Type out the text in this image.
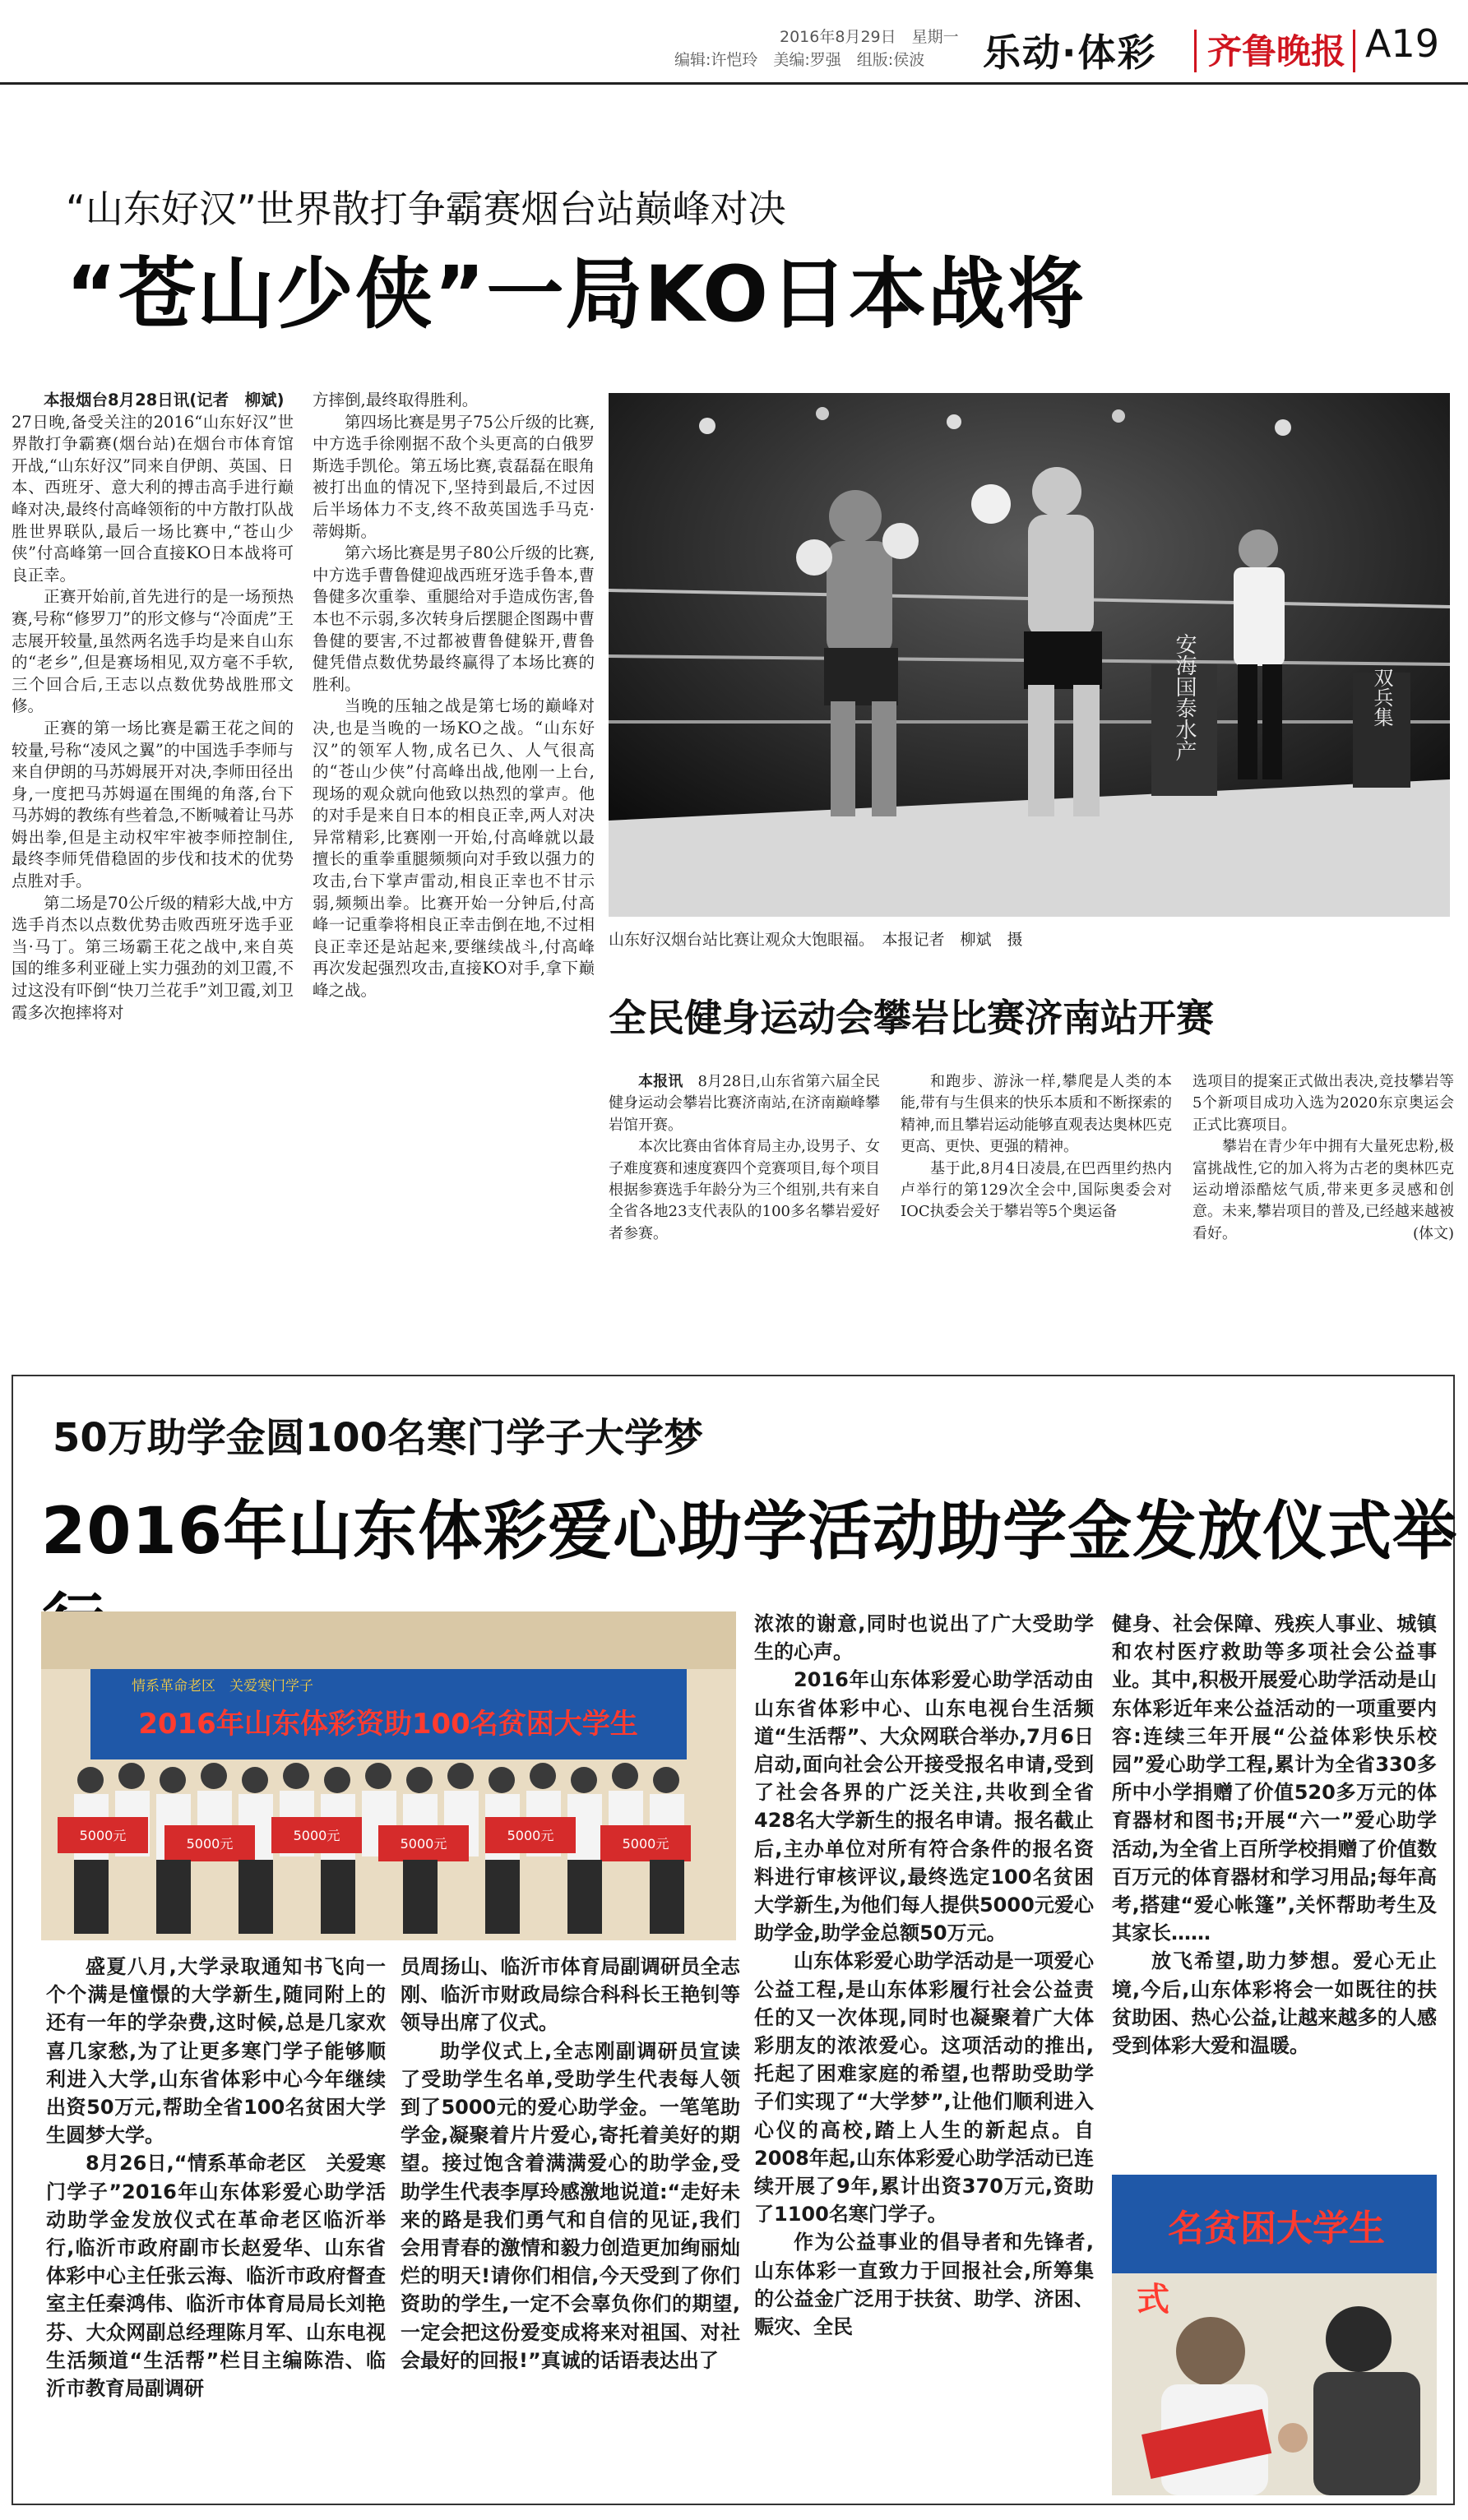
2016年8月29日　星期一
编辑:许恺玲　美编:罗强　组版:侯波 乐动·体彩 齐鲁晚报 A19
“山东好汉”世界散打争霸赛烟台站巅峰对决
“苍山少侠”一局KO日本战将

本报烟台8月28日讯(记者　柳斌)

27日晚,备受关注的2016“山东好汉”世界散打争霸赛(烟台站)在烟台市体育馆开战,“山东好汉”同来自伊朗、英国、日本、西班牙、意大利的搏击高手进行巅峰对决,最终付高峰领衔的中方散打队战胜世界联队,最后一场比赛中,“苍山少侠”付高峰第一回合直接KO日本战将可良正幸。

正赛开始前,首先进行的是一场预热赛,号称“修罗刀”的形文修与“冷面虎”王志展开较量,虽然两名选手均是来自山东的“老乡”,但是赛场相见,双方毫不手软,三个回合后,王志以点数优势战胜邢文修。

正赛的第一场比赛是霸王花之间的较量,号称“凌风之翼”的中国选手李师与来自伊朗的马苏姆展开对决,李师田径出身,一度把马苏姆逼在围绳的角落,台下马苏姆的教练有些着急,不断喊着让马苏姆出拳,但是主动权牢牢被李师控制住,最终李师凭借稳固的步伐和技术的优势点胜对手。

第二场是70公斤级的精彩大战,中方选手肖杰以点数优势击败西班牙选手亚当·马丁。第三场霸王花之战中,来自英国的维多利亚碰上实力强劲的刘卫霞,不过这没有吓倒“快刀兰花手”刘卫霞,刘卫霞多次抱摔将对

方摔倒,最终取得胜利。

第四场比赛是男子75公斤级的比赛,中方选手徐刚据不敌个头更高的白俄罗斯选手凯伦。第五场比赛,袁磊磊在眼角被打出血的情况下,坚持到最后,不过因后半场体力不支,终不敌英国选手马克·蒂姆斯。

第六场比赛是男子80公斤级的比赛,中方选手曹鲁健迎战西班牙选手鲁本,曹鲁健多次重拳、重腿给对手造成伤害,鲁本也不示弱,多次转身后摆腿企图踢中曹鲁健的要害,不过都被曹鲁健躲开,曹鲁健凭借点数优势最终赢得了本场比赛的胜利。

当晚的压轴之战是第七场的巅峰对决,也是当晚的一场KO之战。“山东好汉”的领军人物,成名已久、人气很高的“苍山少侠”付高峰出战,他刚一上台,现场的观众就向他致以热烈的掌声。他的对手是来自日本的相良正幸,两人对决异常精彩,比赛刚一开始,付高峰就以最擅长的重拳重腿频频向对手致以强力的攻击,台下掌声雷动,相良正幸也不甘示弱,频频出拳。比赛开始一分钟后,付高峰一记重拳将相良正幸击倒在地,不过相良正幸还是站起来,要继续战斗,付高峰再次发起强烈攻击,直接KO对手,拿下巅峰之战。

安海国泰水产	双兵集
山东好汉烟台站比赛让观众大饱眼福。　本报记者　柳斌　摄
全民健身运动会攀岩比赛济南站开赛

本报讯　 8月28日,山东省第六届全民健身运动会攀岩比赛济南站,在济南巅峰攀岩馆开赛。

本次比赛由省体育局主办,设男子、女子难度赛和速度赛四个竞赛项目,每个项目根据参赛选手年龄分为三个组别,共有来自全省各地23支代表队的100多名攀岩爱好者参赛。

和跑步、游泳一样,攀爬是人类的本能,带有与生俱来的快乐本质和不断探索的精神,而且攀岩运动能够直观表达奥林匹克更高、更快、更强的精神。

基于此,8月4日凌晨,在巴西里约热内卢举行的第129次全会中,国际奥委会对IOC执委会关于攀岩等5个奥运备

选项目的提案正式做出表决,竞技攀岩等5个新项目成功入选为2020东京奥运会正式比赛项目。

攀岩在青少年中拥有大量死忠粉,极富挑战性,它的加入将为古老的奥林匹克运动增添酷炫气质,带来更多灵感和创意。未来,攀岩项目的普及,已经越来越被看好。	(体文)

50万助学金圆100名寒门学子大学梦
2016年山东体彩爱心助学活动助学金发放仪式举
情系革命老区　关爱寒门学子
2016年山东体彩资助100名贫困大学生
5000元
5000元
5000元
5000元
5000元
5000元

盛夏八月,大学录取通知书飞向一个个满是憧憬的大学新生,随同附上的还有一年的学杂费,这时候,总是几家欢喜几家愁,为了让更多寒门学子能够顺利进入大学,山东省体彩中心今年继续出资50万元,帮助全省100名贫困大学生圆梦大学。

8月26日,“情系革命老区　关爱寒门学子”2016年山东体彩爱心助学活动助学金发放仪式在革命老区临沂举行,临沂市政府副市长赵爱华、山东省体彩中心主任张云海、临沂市政府督查室主任秦鸿伟、临沂市体育局局长刘艳芬、大众网副总经理陈月军、山东电视生活频道“生活帮”栏目主编陈浩、临沂市教育局副调研

员周扬山、临沂市体育局副调研员全志刚、临沂市财政局综合科科长王艳钊等领导出席了仪式。

助学仪式上,全志刚副调研员宣读了受助学生名单,受助学生代表每人领到了5000元的爱心助学金。一笔笔助学金,凝聚着片片爱心,寄托着美好的期望。接过饱含着满满爱心的助学金,受助学生代表李厚玲感激地说道:“走好未来的路是我们勇气和自信的见证,我们会用青春的激情和毅力创造更加绚丽灿烂的明天!请你们相信,今天受到了你们资助的学生,一定不会辜负你们的期望,一定会把这份爱变成将来对祖国、对社会最好的回报!”真诚的话语表达出了

浓浓的谢意,同时也说出了广大受助学生的心声。

2016年山东体彩爱心助学活动由山东省体彩中心、山东电视台生活频道“生活帮”、大众网联合举办,7月6日启动,面向社会公开接受报名申请,受到了社会各界的广泛关注,共收到全省428名大学新生的报名申请。报名截止后,主办单位对所有符合条件的报名资料进行审核评议,最终选定100名贫困大学新生,为他们每人提供5000元爱心助学金,助学金总额50万元。

山东体彩爱心助学活动是一项爱心公益工程,是山东体彩履行社会公益责任的又一次体现,同时也凝聚着广大体彩朋友的浓浓爱心。这项活动的推出,托起了困难家庭的希望,也帮助受助学子们实现了“大学梦”,让他们顺利进入心仪的高校,踏上人生的新起点。自2008年起,山东体彩爱心助学活动已连续开展了9年,累计出资370万元,资助了1100名寒门学子。

作为公益事业的倡导者和先锋者,山东体彩一直致力于回报社会,所筹集的公益金广泛用于扶贫、助学、济困、赈灾、全民

健身、社会保障、残疾人事业、城镇和农村医疗救助等多项社会公益事业。其中,积极开展爱心助学活动是山东体彩近年来公益活动的一项重要内容:连续三年开展“公益体彩快乐校园”爱心助学工程,累计为全省330多所中小学捐赠了价值520多万元的体育器材和图书;开展“六一”爱心助学活动,为全省上百所学校捐赠了价值数百万元的体育器材和学习用品;每年高考,搭建“爱心帐篷”,关怀帮助考生及其家长……

放飞希望,助力梦想。爱心无止境,今后,山东体彩将会一如既往的扶贫助困、热心公益,让越来越多的人感受到体彩大爱和温暖。

名贫困大学生
式
